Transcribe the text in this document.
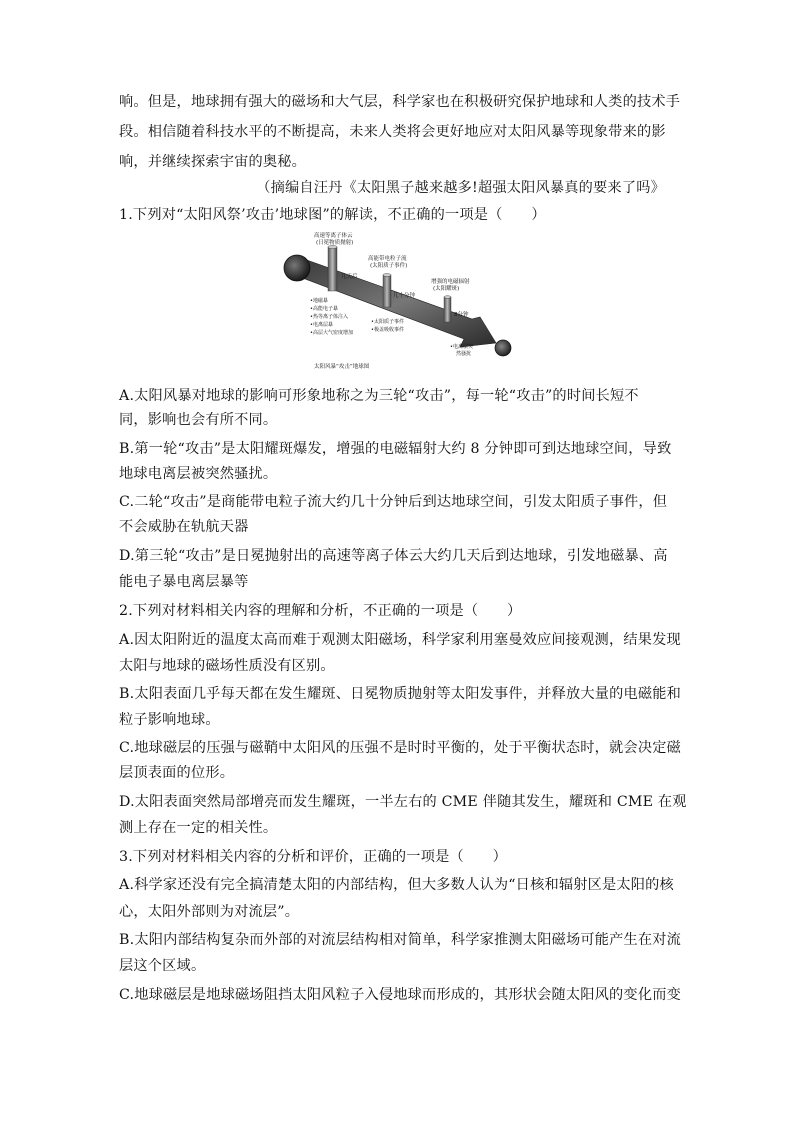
响。但是，地球拥有强大的磁场和大气层，科学家也在积极研究保护地球和人类的技术手
段。相信随着科技水平的不断提高，未来人类将会更好地应对太阳风暴等现象带来的影
响，并继续探索宇宙的奥秘。
（摘编自汪丹《太阳黑子越来越多!超强太阳风暴真的要来了吗》
1.下列对“太阳风祭’攻击’地球图”的解读，不正确的一项是（　　）
高速等离子体云
(日冕物质抛射)
高能带电粒子流
(太阳质子事件)
增强的电磁辐射
(太阳耀斑)
几天后
几十分钟
8分钟
•地磁暴
•高能电子暴
•热等离子体注入
•电离层暴
•高层大气密度增加
•太阳质子事件
•极盖吸收事件
•电离层突
然骚扰
太阳风暴“攻击”地球图
A.太阳风暴对地球的影响可形象地称之为三轮“攻击”，每一轮“攻击”的时间长短不
同，影响也会有所不同。
B.第一轮“攻击”是太阳耀斑爆发，增强的电磁辐射大约 8 分钟即可到达地球空间，导致
地球电离层被突然骚扰。
C.二轮“攻击”是商能带电粒子流大约几十分钟后到达地球空间，引发太阳质子事件，但
不会威胁在轨航天器
D.第三轮“攻击”是日冕抛射出的高速等离子体云大约几天后到达地球，引发地磁暴、高
能电子暴电离层暴等
2.下列对材料相关内容的理解和分析，不正确的一项是（　　）
A.因太阳附近的温度太高而难于观测太阳磁场，科学家利用塞曼效应间接观测，结果发现
太阳与地球的磁场性质没有区别。
B.太阳表面几乎每天都在发生耀斑、日冕物质抛射等太阳发事件，并释放大量的电磁能和
粒子影响地球。
C.地球磁层的压强与磁鞘中太阳风的压强不是时时平衡的，处于平衡状态时，就会决定磁
层顶表面的位形。
D.太阳表面突然局部增亮而发生耀斑，一半左右的 CME 伴随其发生，耀斑和 CME 在观
测上存在一定的相关性。
3.下列对材料相关内容的分析和评价，正确的一项是（　　）
A.科学家还没有完全搞清楚太阳的内部结构，但大多数人认为“日核和辐射区是太阳的核
心，太阳外部则为对流层”。
B.太阳内部结构复杂而外部的对流层结构相对简单，科学家推测太阳磁场可能产生在对流
层这个区域。
C.地球磁层是地球磁场阻挡太阳风粒子入侵地球而形成的，其形状会随太阳风的变化而变
